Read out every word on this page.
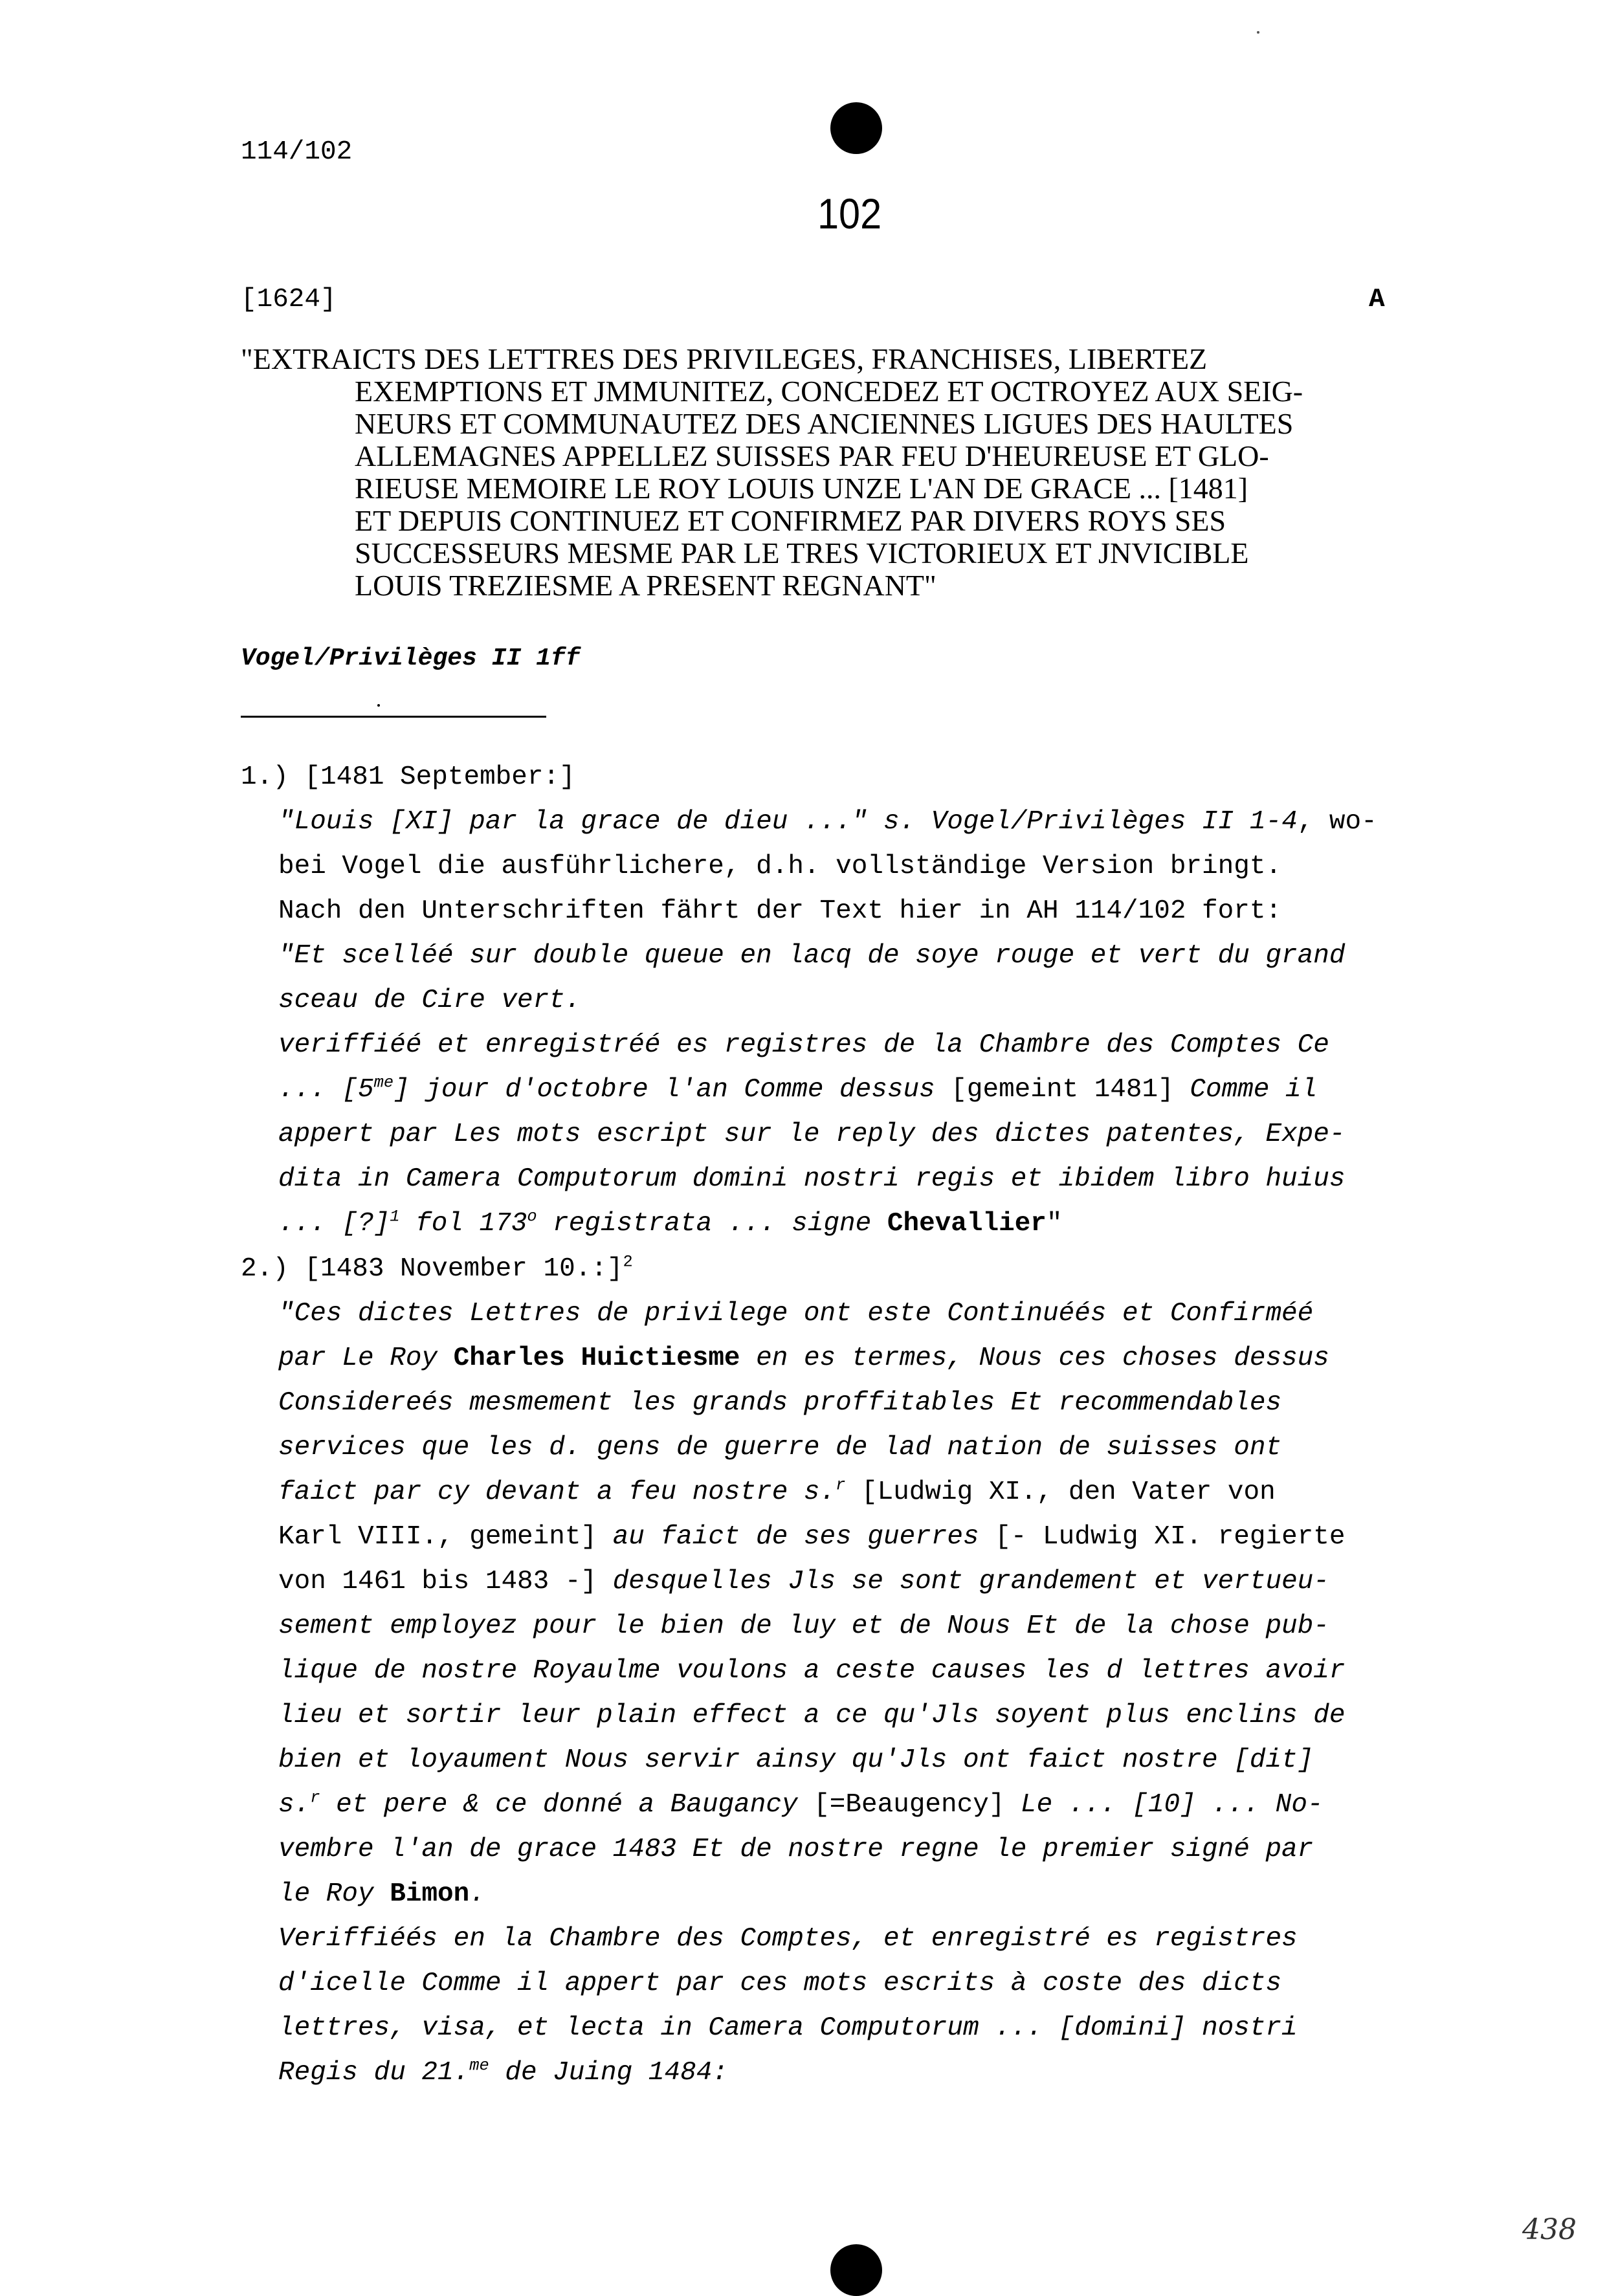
114/102
102
[1624]	A
"EXTRAICTS DES LETTRES DES PRIVILEGES, FRANCHISES, LIBERTEZ
EXEMPTIONS ET JMMUNITEZ, CONCEDEZ ET OCTROYEZ AUX SEIG-
NEURS ET COMMUNAUTEZ DES ANCIENNES LIGUES DES HAULTES
ALLEMAGNES APPELLEZ SUISSES PAR FEU D'HEUREUSE ET GLO-
RIEUSE MEMOIRE LE ROY LOUIS UNZE L'AN DE GRACE ... [1481]
ET DEPUIS CONTINUEZ ET CONFIRMEZ PAR DIVERS ROYS SES
SUCCESSEURS MESME PAR LE TRES VICTORIEUX ET JNVICIBLE
LOUIS TREZIESME A PRESENT REGNANT"
Vogel/Privilèges II 1ff
1.) [1481 September:]
"Louis [XI] par la grace de dieu ..." s. Vogel/Privilèges II 1-4, wo-
bei Vogel die ausführlichere, d.h. vollständige Version bringt.
Nach den Unterschriften fährt der Text hier in AH 114/102 fort:
"Et scelléé sur double queue en lacq de soye rouge et vert du grand
sceau de Cire vert.
veriffiéé et enregistréé es registres de la Chambre des Comptes Ce
... $[5^{me}]$ jour d'octobre l'an Comme dessus [gemeint 1481] Comme il
appert par Les mots escript sur le reply des dictes patentes, Expe-
dita in Camera Computorum domini nostri regis et ibidem libro huius
... [?]$^1$ fol 173$^o$ registrata ... signe Chevallier"
2.) [1483 November 10.:]$^2$
"Ces dictes Lettres de privilege ont este Continuéés et Confirméé
par Le Roy Charles Huictiesme en es termes, Nous ces choses dessus
Considereés mesmement les grands proffitables Et recommendables
services que les d. gens de guerre de lad nation de suisses ont
faict par cy devant a feu nostre s.$^r$ [Ludwig XI., den Vater von
Karl VIII., gemeint] au faict de ses guerres [- Ludwig XI. regierte
von 1461 bis 1483 -] desquelles Jls se sont grandement et vertueu-
sement employez pour le bien de luy et de Nous Et de la chose pub-
lique de nostre Royaulme voulons a ceste causes les d lettres avoir
lieu et sortir leur plain effect a ce qu'Jls soyent plus enclins de
bien et loyaument Nous servir ainsy qu'Jls ont faict nostre [dit]
s.$^r$ et pere & ce donné a Baugancy [=Beaugency] Le ... [10] ... No-
vembre l'an de grace 1483 Et de nostre regne le premier signé par
le Roy Bimon.
Veriffiéés en la Chambre des Comptes, et enregistré es registres
d'icelle Comme il appert par ces mots escrits à coste des dicts
lettres, visa, et lecta in Camera Computorum ... [domini] nostri
Regis du 21.$^{me}$ de Juing 1484:
438
